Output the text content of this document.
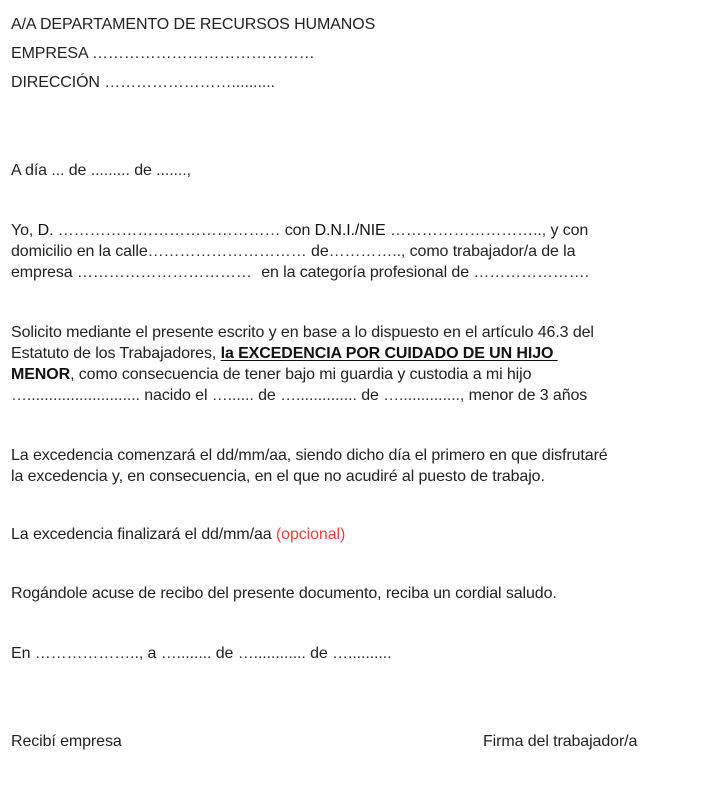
A/A DEPARTAMENTO DE RECURSOS HUMANOS
EMPRESA ……………………………………
DIRECCIÓN ……………………..........
A día ... de ......... de .......,
Yo, D. …………………………………… con D.N.I./NIE ……………………….., y con
domicilio en la calle………………………… de………….., como trabajador/a de la
empresa …………………………… en la categoría profesional de ………………….
Solicito mediante el presente escrito y en base a lo dispuesto en el artículo 46.3 del
Estatuto de los Trabajadores, la EXCEDENCIA POR CUIDADO DE UN HIJO
MENOR, como consecuencia de tener bajo mi guardia y custodia a mi hijo
….......................... nacido el …...... de ….............. de ….............., menor de 3 años
La excedencia comenzará el dd/mm/aa, siendo dicho día el primero en que disfrutaré
la excedencia y, en consecuencia, en el que no acudiré al puesto de trabajo.
La excedencia finalizará el dd/mm/aa (opcional)
Rogándole acuse de recibo del presente documento, reciba un cordial saludo.
En ……………….., a …........ de …............ de …..........
Recibí empresa	Firma del trabajador/a
